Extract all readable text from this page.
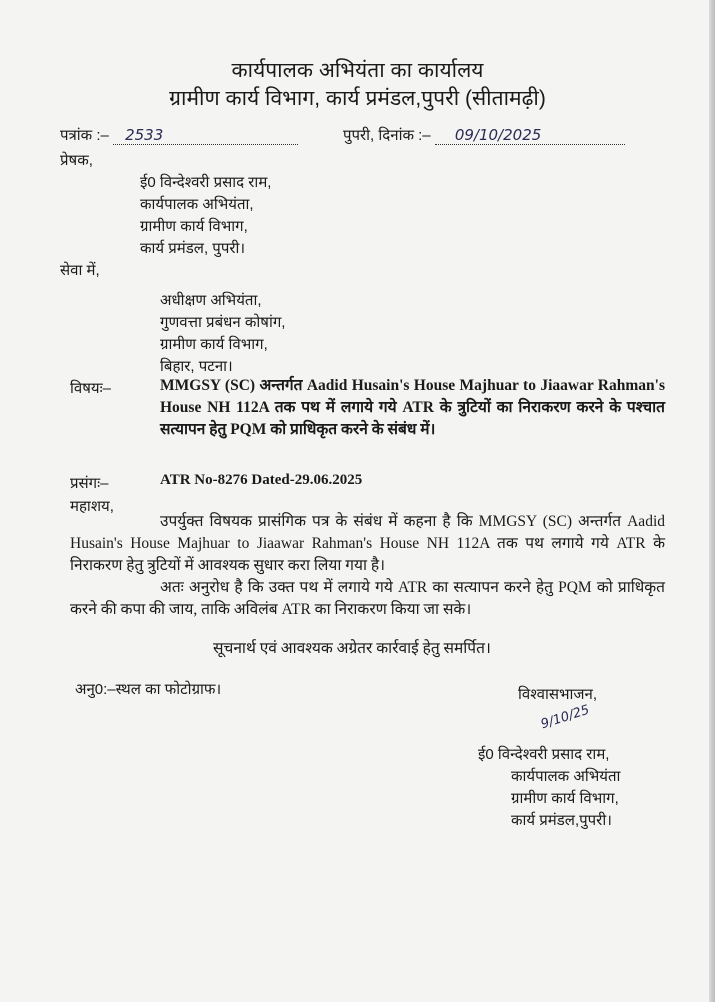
कार्यपालक अभियंता का कार्यालय
ग्रामीण कार्य विभाग, कार्य प्रमंडल,पुपरी (सीतामढ़ी)
पत्रांक :– 2533	पुपरी, दिनांक :– 09/10/2025
प्रेषक,
ई0 विन्देश्वरी प्रसाद राम,
कार्यपालक अभियंता,
ग्रामीण कार्य विभाग,
कार्य प्रमंडल, पुपरी।
सेवा में,
अधीक्षण अभियंता,
गुणवत्ता प्रबंधन कोषांग,
ग्रामीण कार्य विभाग,
बिहार, पटना।
विषयः–	MMGSY (SC) अन्तर्गत Aadid Husain's House Majhuar to Jiaawar Rahman's House NH 112A तक पथ में लगाये गये ATR के त्रुटियों का निराकरण करने के पश्चात सत्यापन हेतु PQM को प्राधिकृत करने के संबंध में।
प्रसंगः–	ATR No-8276 Dated-29.06.2025
महाशय,
उपर्युक्त विषयक प्रासंगिक पत्र के संबंध में कहना है कि MMGSY (SC) अन्तर्गत Aadid Husain's House Majhuar to Jiaawar Rahman's House NH 112A तक पथ लगाये गये ATR के निराकरण हेतु त्रुटियों में आवश्यक सुधार करा लिया गया है।
अतः अनुरोध है कि उक्त पथ में लगाये गये ATR का सत्यापन करने हेतु PQM को प्राधिकृत करने की कपा की जाय, ताकि अविलंब ATR का निराकरण किया जा सके।
सूचनार्थ एवं आवश्यक अग्रेतर कार्रवाई हेतु समर्पित।
अनु0:–स्थल का फोटोग्राफ।	विश्वासभाजन,
9/10/25
ई0 विन्देश्वरी प्रसाद राम,
कार्यपालक अभियंता
ग्रामीण कार्य विभाग,
कार्य प्रमंडल,पुपरी।
